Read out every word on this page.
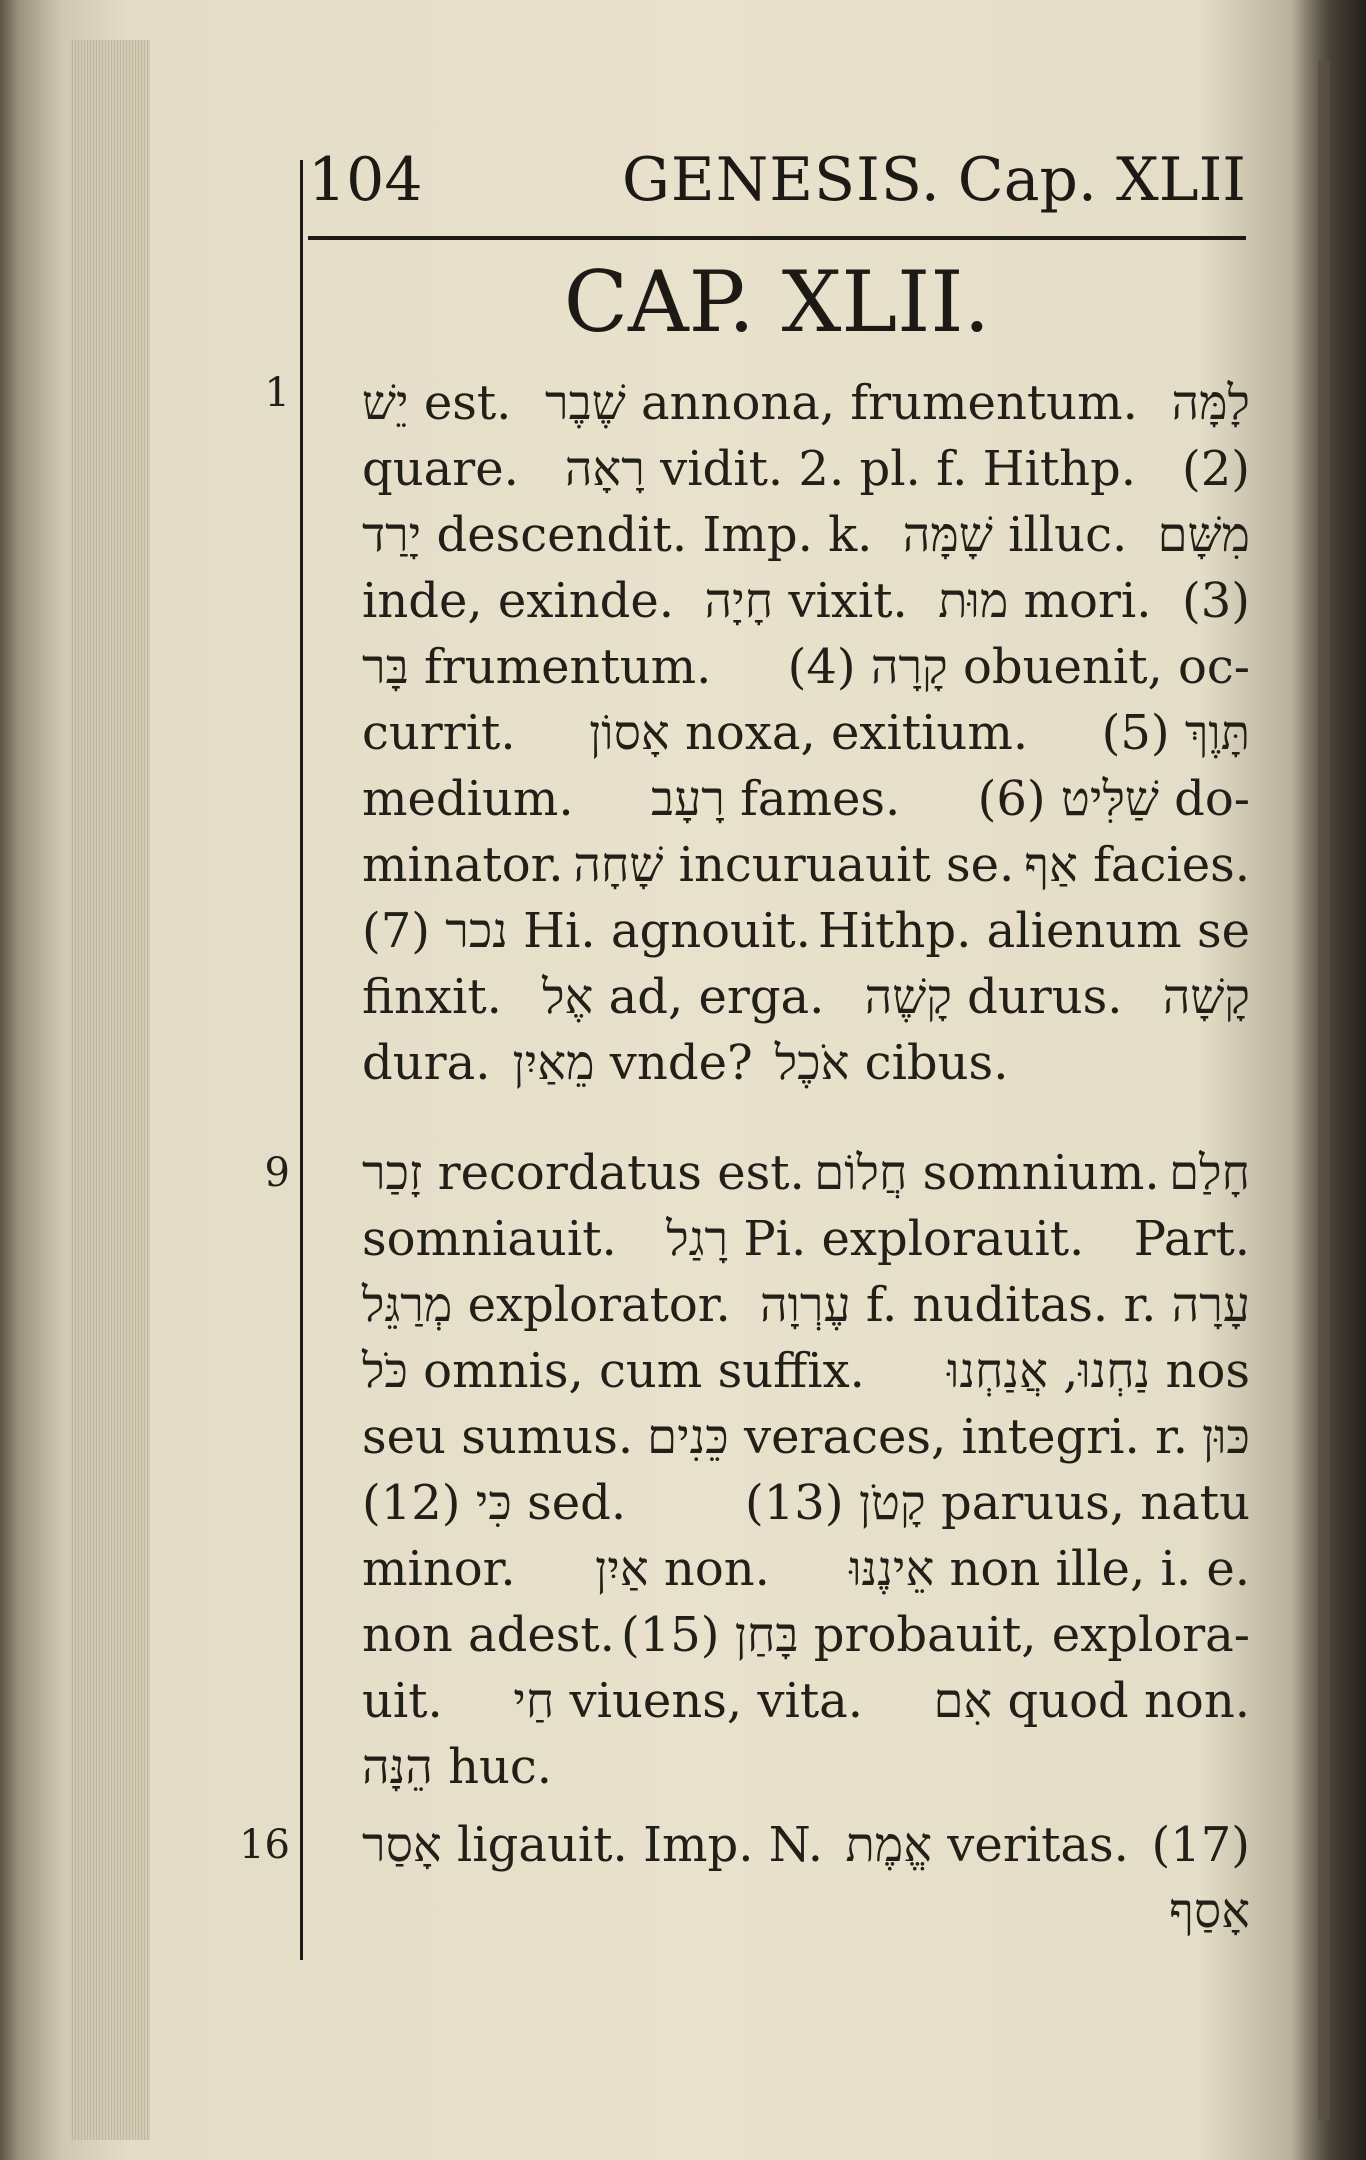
104	GENESIS. Cap. XLII
CAP. XLII.
1
9
16
יֵשׁ est. שֶׁבֶר annona, frumentum. לָמָּה
quare. רָאָה vidit. 2. pl. f. Hithp. (2)
יָרַד descendit. Imp. k. שָׁמָּה illuc. מִשָּׁם
inde, exinde. חָיָה vixit. מוּת mori. (3)
בָּר frumentum. (4) קָרָה obuenit, oc-
currit. אָסוֹן noxa, exitium. (5) תָּוֶךְ
medium. רָעָב fames. (6) שַׁלִּיט do-
minator. שָׁחָה incuruauit se. אַף facies.
(7) נכר Hi. agnouit. Hithp. alienum se
finxit. אֶל ad, erga. קָשֶׁה durus. קָשָׁה
dura. מֵאַיִן vnde? אֹכֶל cibus.
זָכַר recordatus est. חֲלוֹם somnium. חָלַם
somniauit. רָגַל Pi. explorauit. Part.
מְרַגֵּל explorator. עֶרְוָה f. nuditas. r. עָרָה
כֹּל omnis, cum suffix. נַחְנוּ, אֲנַחְנוּ nos
seu sumus. כֵּנִים veraces, integri. r. כּוּן
(12) כִּי sed. (13) קָטֹן paruus, natu
minor. אַיִן non. אֵינֶנּוּ non ille, i. e.
non adest. (15) בָּחַן probauit, explora-
uit. חַי viuens, vita. אִם quod non.
הֵנָּה huc.
אָסַר ligauit. Imp. N. אֱמֶת veritas. (17)
אָסַף
